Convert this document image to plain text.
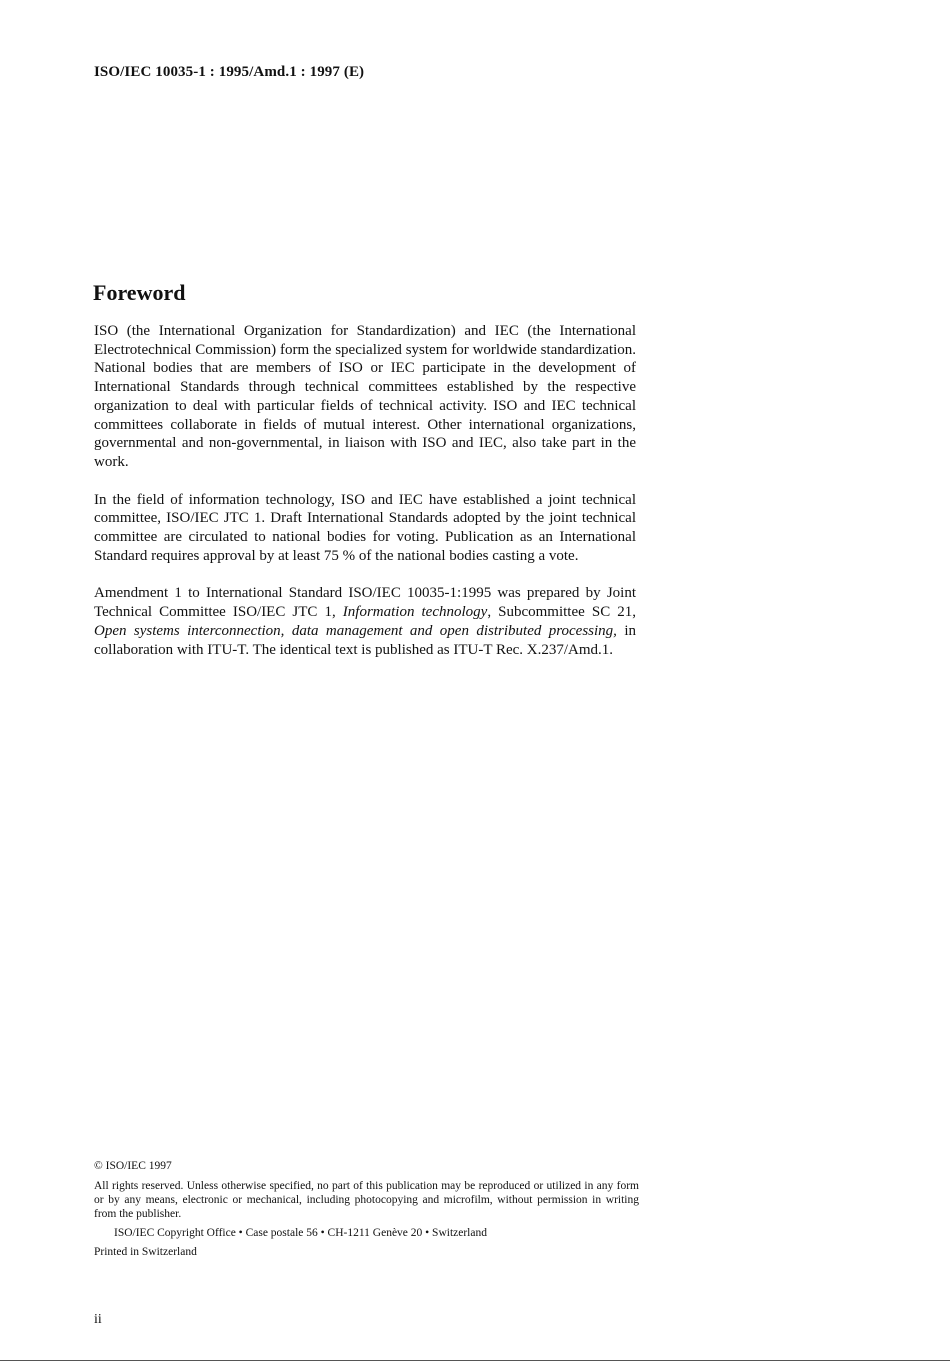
ISO/IEC 10035-1 : 1995/Amd.1 : 1997 (E)
Foreword

ISO (the International Organization for Standardization) and IEC (the International Electrotechnical Commission) form the specialized system for worldwide standardization. National bodies that are members of ISO or IEC participate in the development of International Standards through technical committees established by the respective organization to deal with particular fields of technical activity. ISO and IEC technical committees collaborate in fields of mutual interest. Other international organizations, governmental and non-governmental, in liaison with ISO and IEC, also take part in the work.

In the field of information technology, ISO and IEC have established a joint technical committee, ISO/IEC JTC 1. Draft International Standards adopted by the joint technical committee are circulated to national bodies for voting. Publication as an International Standard requires approval by at least 75 % of the national bodies casting a vote.

Amendment 1 to International Standard ISO/IEC 10035-1:1995 was prepared by Joint Technical Committee ISO/IEC JTC 1, Information technology, Subcommittee SC 21, Open systems interconnection, data management and open distributed processing, in collaboration with ITU-T. The identical text is published as ITU-T Rec. X.237/Amd.1.

© ISO/IEC 1997
All rights reserved. Unless otherwise specified, no part of this publication may be reproduced or utilized in any form or by any means, electronic or mechanical, including photocopying and microfilm, without permission in writing from the publisher.
ISO/IEC Copyright Office • Case postale 56 • CH-1211 Genève 20 • Switzerland
Printed in Switzerland
ii
